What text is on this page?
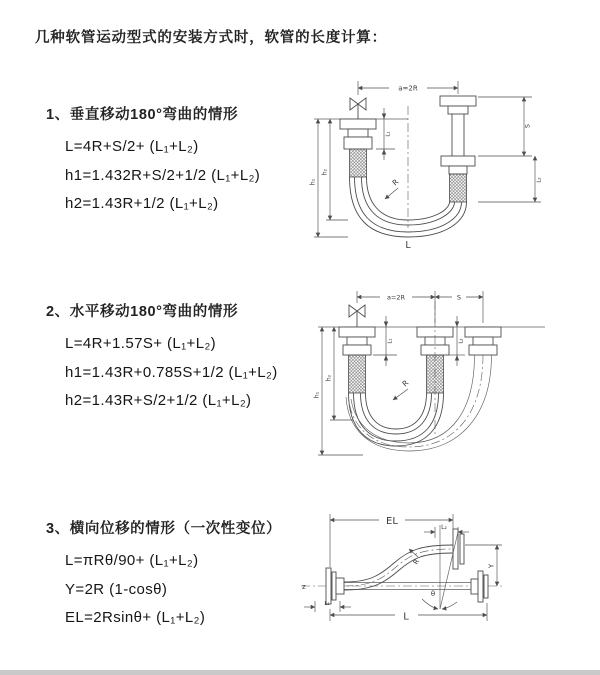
几种软管运动型式的安装方式时，软管的长度计算：

1、垂直移动180°弯曲的情形

L=4R+S/2+ (L₁+L₂)
h1=1.432R+S/2+1/2 (L₁+L₂)
h2=1.43R+1/2 (L₁+L₂)

2、水平移动180°弯曲的情形

L=4R+1.57S+ (L₁+L₂)
h1=1.43R+0.785S+1/2 (L₁+L₂)
h2=1.43R+S/2+1/2 (L₁+L₂)

3、横向位移的情形（一次性变位）

L=πRθ/90+ (L₁+L₂)
Y=2R (1-cosθ)
EL=2Rsinθ+ (L₁+L₂)
a=2R
h₁
h₂
L₁
S
L₂
R
L
a=2R	S
h₁
h₂
L₁	L₂
R
EL
L₂
z
θ
R	Y
L₁
L
